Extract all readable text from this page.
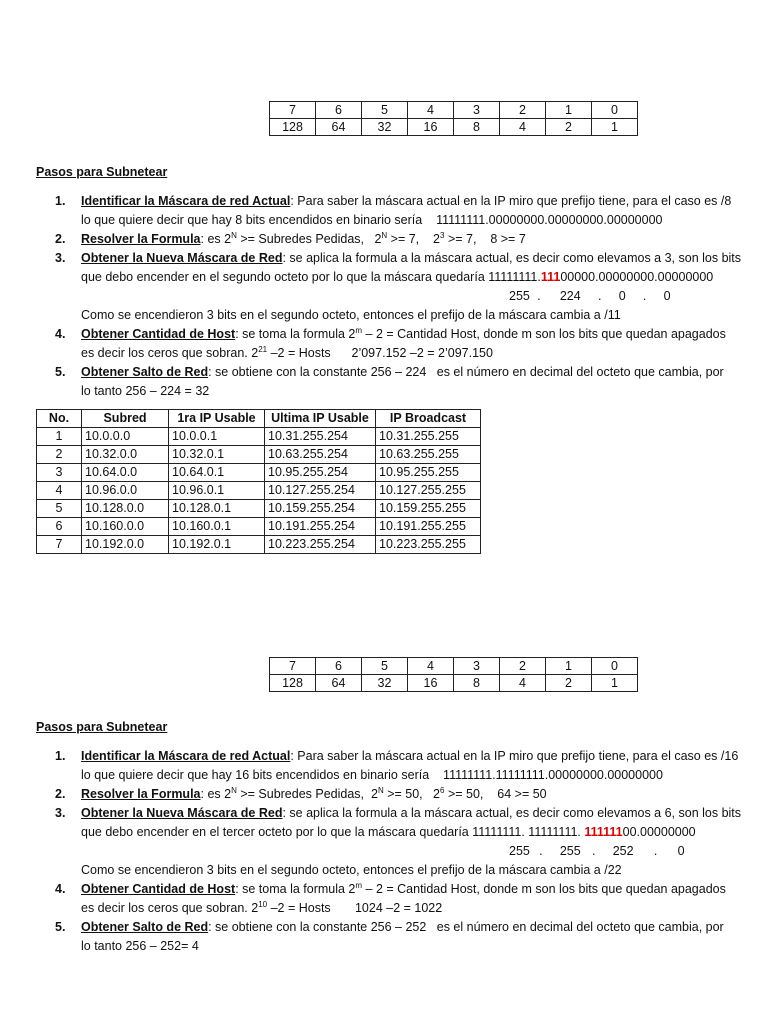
7	6	5	4	3	2	1	0
128	64	32	16	8	4	2	1
Pasos para Subnetear
1. Identificar la Máscara de red Actual: Para saber la máscara actual en la IP miro que prefijo tiene, para el caso es /8
lo que quiere decir que hay 8 bits encendidos en binario sería    11111111.00000000.00000000.00000000
2. Resolver la Formula: es $2^N$ >= Subredes Pedidas,   $2^N >= 7$,    $2^3 >= 7$,    8 >= 7
3. Obtener la Nueva Máscara de Red: se aplica la formula a la máscara actual, es decir como elevamos a 3, son los bits
que debo encender en el segundo octeto por lo que la máscara quedaría 11111111.11100000.00000000.00000000
255 . 224 . 0 . 0
Como se encendieron 3 bits en el segundo octeto, entonces el prefijo de la máscara cambia a /11
4. Obtener Cantidad de Host: se toma la formula 2$^m$ – 2 = Cantidad Host, donde m son los bits que quedan apagados
es decir los ceros que sobran. $2^{21}$ –2 = Hosts      2’097.152 –2 = 2’097.150
5. Obtener Salto de Red: se obtiene con la constante 256 – 224   es el número en decimal del octeto que cambia, por
lo tanto 256 – 224 = 32
No.	Subred	1ra IP Usable	Ultima IP Usable	IP Broadcast
1	10.0.0.0	10.0.0.1	10.31.255.254	10.31.255.255
2	10.32.0.0	10.32.0.1	10.63.255.254	10.63.255.255
3	10.64.0.0	10.64.0.1	10.95.255.254	10.95.255.255
4	10.96.0.0	10.96.0.1	10.127.255.254	10.127.255.255
5	10.128.0.0	10.128.0.1	10.159.255.254	10.159.255.255
6	10.160.0.0	10.160.0.1	10.191.255.254	10.191.255.255
7	10.192.0.0	10.192.0.1	10.223.255.254	10.223.255.255
7	6	5	4	3	2	1	0
128	64	32	16	8	4	2	1
Pasos para Subnetear
1. Identificar la Máscara de red Actual: Para saber la máscara actual en la IP miro que prefijo tiene, para el caso es /16
lo que quiere decir que hay 16 bits encendidos en binario sería    11111111.11111111.00000000.00000000
2. Resolver la Formula: es $2^N$ >= Subredes Pedidas,  $2^N >= 50$,   $2^6 >= 50$,    64 >= 50
3. Obtener la Nueva Máscara de Red: se aplica la formula a la máscara actual, es decir como elevamos a 6, son los bits
que debo encender en el tercer octeto por lo que la máscara quedaría 11111111. 11111111. 11111100.00000000
255 . 255 . 252 . 0
Como se encendieron 3 bits en el segundo octeto, entonces el prefijo de la máscara cambia a /22
4. Obtener Cantidad de Host: se toma la formula 2$^m$ – 2 = Cantidad Host, donde m son los bits que quedan apagados
es decir los ceros que sobran. $2^{10}$ –2 = Hosts       1024 –2 = 1022
5. Obtener Salto de Red: se obtiene con la constante 256 – 252   es el número en decimal del octeto que cambia, por
lo tanto 256 – 252= 4
